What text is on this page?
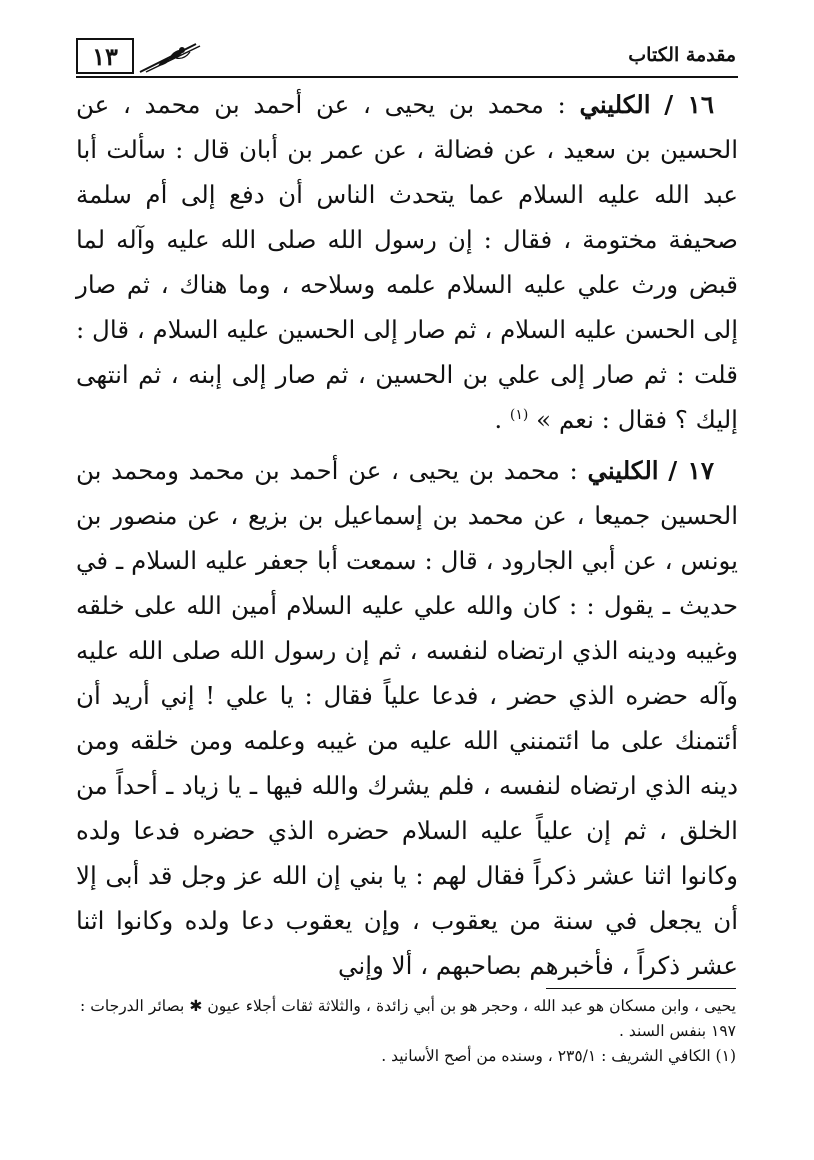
١٣	مقدمة الكتاب

١٦ / الكليني : محمد بن يحيى ، عن أحمد بن محمد ، عن الحسين بن سعيد ، عن فضالة ، عن عمر بن أبان قال : سألت أبا عبد الله عليه السلام عما يتحدث الناس أن دفع إلى أم سلمة صحيفة مختومة ، فقال : إن رسول الله صلى الله عليه وآله لما قبض ورث علي عليه السلام علمه وسلاحه ، وما هناك ، ثم صار إلى الحسن عليه السلام ، ثم صار إلى الحسين عليه السلام ، قال : قلت : ثم صار إلى علي بن الحسين ، ثم صار إلى إبنه ، ثم انتهى إليك ؟ فقال : نعم » $^{(١)}$ .

١٧ / الكليني : محمد بن يحيى ، عن أحمد بن محمد ومحمد بن الحسين جميعا ، عن محمد بن إسماعيل بن بزيع ، عن منصور بن يونس ، عن أبي الجارود ، قال : سمعت أبا جعفر عليه السلام ـ في حديث ـ يقول : : كان والله علي عليه السلام أمين الله على خلقه وغيبه ودينه الذي ارتضاه لنفسه ، ثم إن رسول الله صلى الله عليه وآله حضره الذي حضر ، فدعا علياً فقال : يا علي ! إني أريد أن أئتمنك على ما ائتمنني الله عليه من غيبه وعلمه ومن خلقه ومن دينه الذي ارتضاه لنفسه ، فلم يشرك والله فيها ـ يا زياد ـ أحداً من الخلق ، ثم إن علياً عليه السلام حضره الذي حضره فدعا ولده وكانوا اثنا عشر ذكراً فقال لهم : يا بني إن الله عز وجل قد أبى إلا أن يجعل في سنة من يعقوب ، وإن يعقوب دعا ولده وكانوا اثنا عشر ذكراً ، فأخبرهم بصاحبهم ، ألا وإني

يحيى ، وابن مسكان هو عبد الله ، وحجر هو بن أبي زائدة ، والثلاثة ثقات أجلاء عيون ✱ بصائر الدرجات : ١٩٧ بنفس السند .

(١) الكافي الشريف : ٢٣٥/١ ، وسنده من أصح الأسانيد .
